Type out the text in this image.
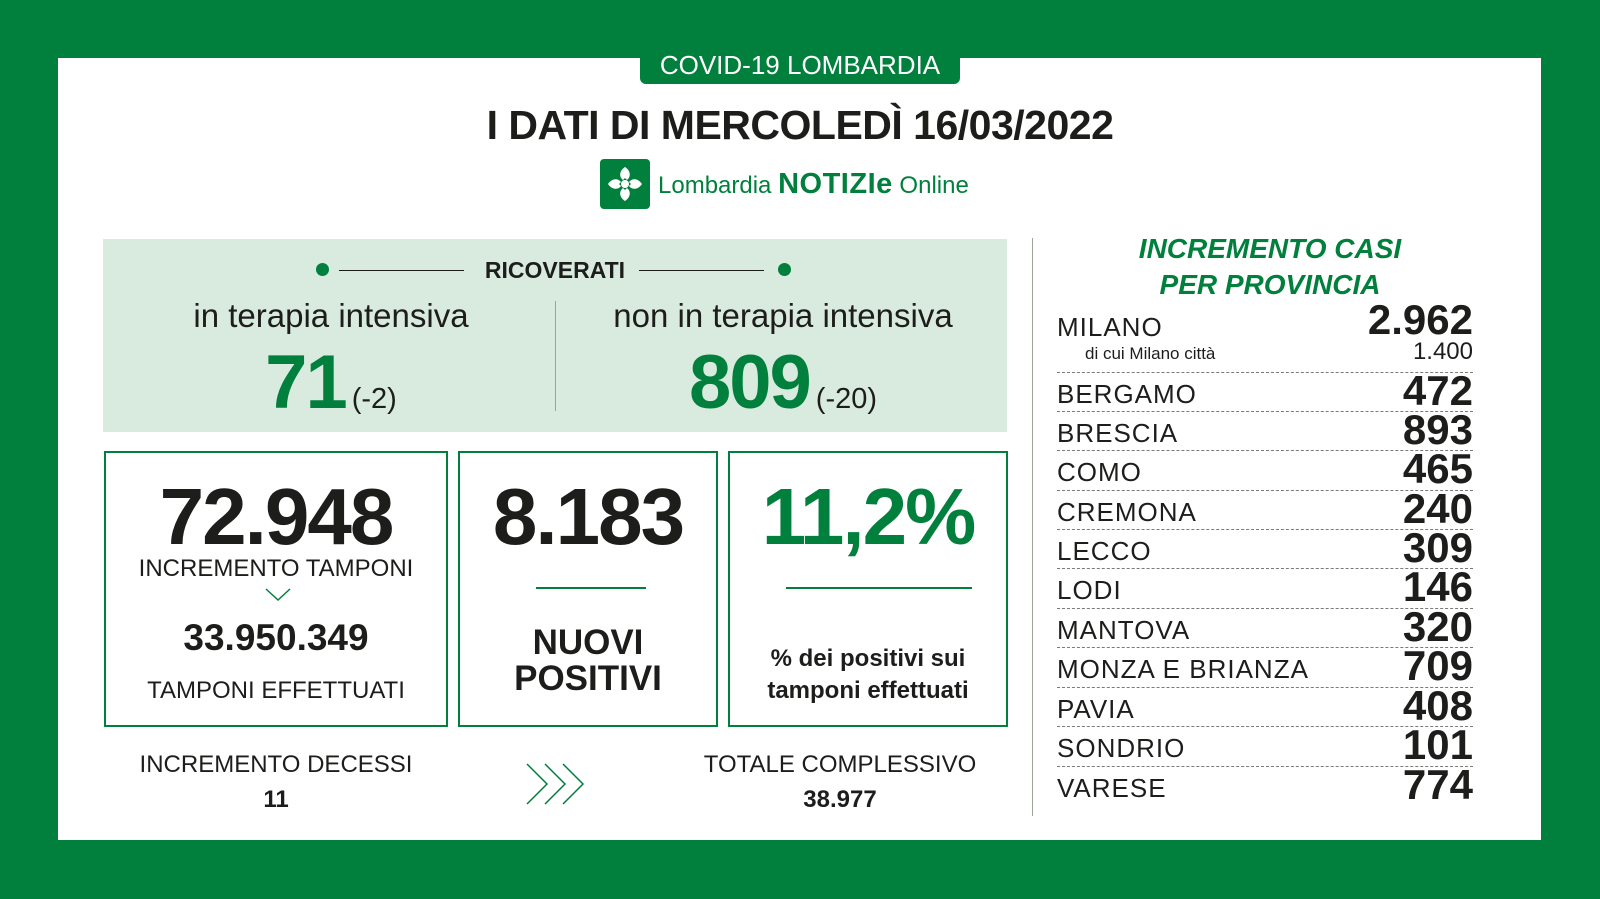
COVID-19 LOMBARDIA
I DATI DI MERCOLEDÌ 16/03/2022
Lombardia NOTIZIe Online
RICOVERATI
in terapia intensiva
71 (-2)
non in terapia intensiva
809 (-20)
72.948
INCREMENTO TAMPONI
33.950.349
TAMPONI EFFETTUATI
8.183
NUOVI
POSITIVI
11,2%
% dei positivi sui
tamponi effettuati
INCREMENTO DECESSI
11
TOTALE COMPLESSIVO
38.977
INCREMENTO CASI
PER PROVINCIA
MILANO	2.962
di cui Milano città	1.400
BERGAMO	472
BRESCIA	893
COMO	465
CREMONA	240
LECCO	309
LODI	146
MANTOVA	320
MONZA E BRIANZA 709
PAVIA	408
SONDRIO	101
VARESE	774
